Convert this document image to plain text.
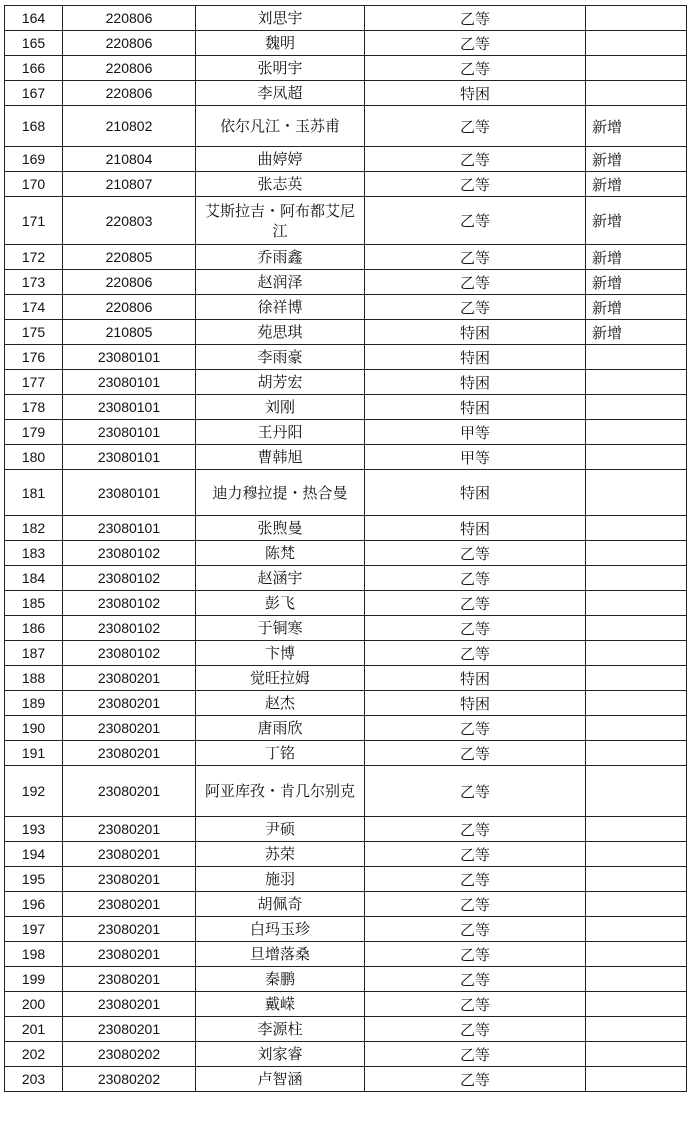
164	220806	刘思宇	乙等	
165	220806	魏明	乙等	
166	220806	张明宇	乙等	
167	220806	李凤超	特困	
168	210802	依尔凡江・玉苏甫	乙等	新增
169	210804	曲婷婷	乙等	新增
170	210807	张志英	乙等	新增
171	220803	艾斯拉吉・阿布都艾尼江	乙等	新增
172	220805	乔雨鑫	乙等	新增
173	220806	赵润泽	乙等	新增
174	220806	徐祥博	乙等	新增
175	210805	苑思琪	特困	新增
176	23080101	李雨豪	特困	
177	23080101	胡芳宏	特困	
178	23080101	刘刚	特困	
179	23080101	王丹阳	甲等	
180	23080101	曹韩旭	甲等	
181	23080101	迪力穆拉提・热合曼	特困	
182	23080101	张煦曼	特困	
183	23080102	陈梵	乙等	
184	23080102	赵涵宇	乙等	
185	23080102	彭飞	乙等	
186	23080102	于铜寒	乙等	
187	23080102	卞博	乙等	
188	23080201	觉旺拉姆	特困	
189	23080201	赵杰	特困	
190	23080201	唐雨欣	乙等	
191	23080201	丁铭	乙等	
192	23080201	阿亚库孜・肯几尔别克	乙等	
193	23080201	尹硕	乙等	
194	23080201	苏荣	乙等	
195	23080201	施羽	乙等	
196	23080201	胡佩奇	乙等	
197	23080201	白玛玉珍	乙等	
198	23080201	旦增落桑	乙等	
199	23080201	秦鹏	乙等	
200	23080201	戴嵘	乙等	
201	23080201	李源柱	乙等	
202	23080202	刘家睿	乙等	
203	23080202	卢智涵	乙等	
